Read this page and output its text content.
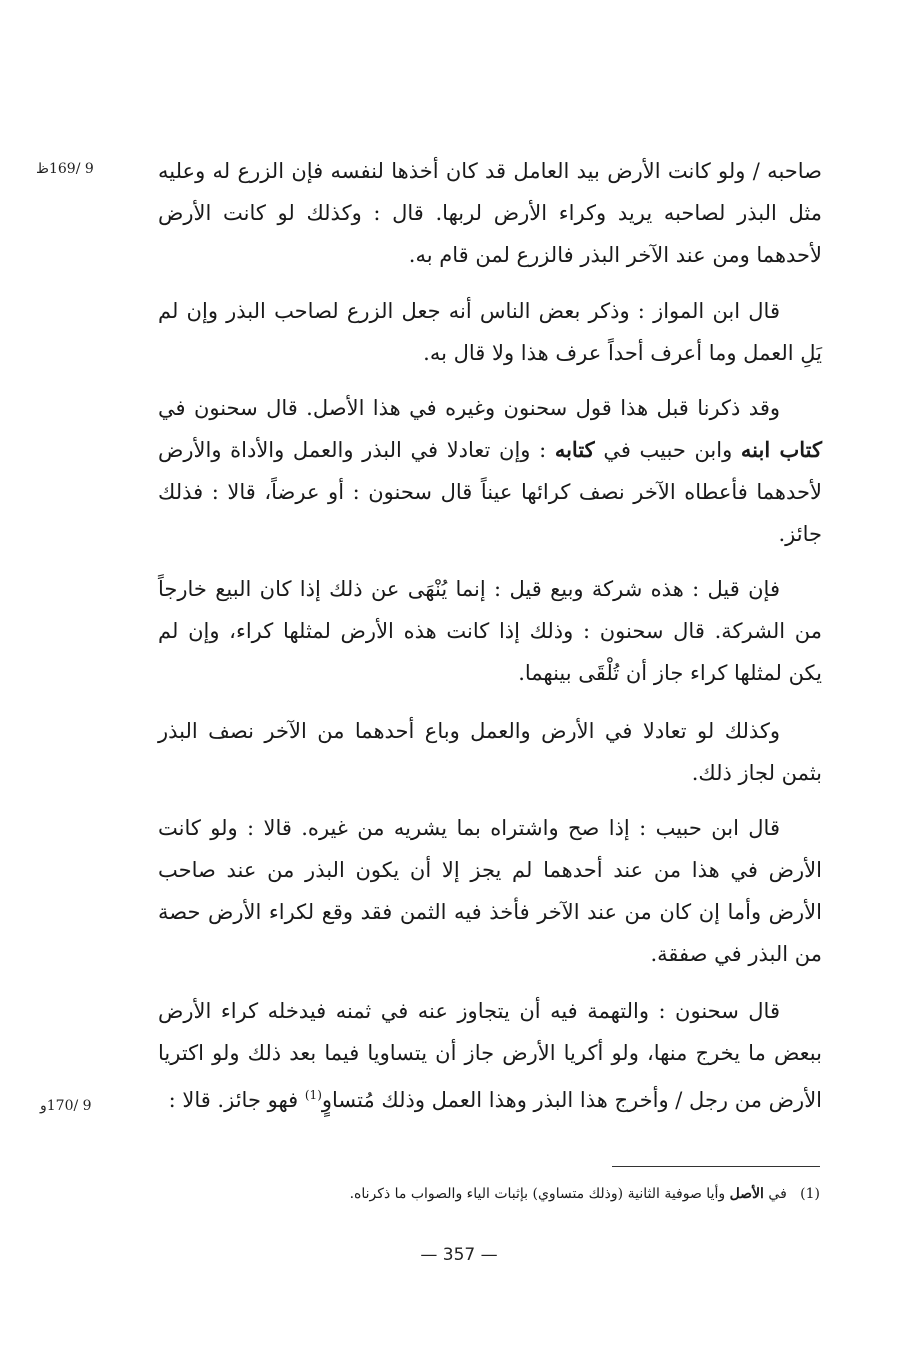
9 /169ظ	صاحبه / ولو كانت الأرض بيد العامل قد كان أخذها لنفسه فإن الزرع له وعليه مثل البذر لصاحبه يريد وكراء الأرض لربها. قال : وكذلك لو كانت الأرض لأحدهما ومن عند الآخر البذر فالزرع لمن قام به.
قال ابن المواز : وذكر بعض الناس أنه جعل الزرع لصاحب البذر وإن لم يَلِ العمل وما أعرف أحداً عرف هذا ولا قال به.
وقد ذكرنا قبل هذا قول سحنون وغيره في هذا الأصل. قال سحنون في كتاب ابنه وابن حبيب في كتابه : وإن تعادلا في البذر والعمل والأداة والأرض لأحدهما فأعطاه الآخر نصف كرائها عيناً قال سحنون : أو عرضاً، قالا : فذلك جائز.
فإن قيل : هذه شركة وبيع قيل : إنما يُنْهَى عن ذلك إذا كان البيع خارجاً من الشركة. قال سحنون : وذلك إذا كانت هذه الأرض لمثلها كراء، وإن لم يكن لمثلها كراء جاز أن تُلْقَى بينهما.
وكذلك لو تعادلا في الأرض والعمل وباع أحدهما من الآخر نصف البذر بثمن لجاز ذلك.
قال ابن حبيب : إذا صح واشتراه بما يشريه من غيره. قالا : ولو كانت الأرض في هذا من عند أحدهما لم يجز إلا أن يكون البذر من عند صاحب الأرض وأما إن كان من عند الآخر فأخذ فيه الثمن فقد وقع لكراء الأرض حصة من البذر في صفقة.
قال سحنون : والتهمة فيه أن يتجاوز عنه في ثمنه فيدخله كراء الأرض ببعض ما يخرج منها، ولو أكريا الأرض جاز أن يتساويا فيما بعد ذلك ولو اكتريا الأرض من رجل / وأخرج هذا البذر وهذا العمل وذلك مُتساوٍ$^{(1)}$ فهو جائز. قالا :
9 /170و
(1)   في الأصل وأيا صوفية الثانية (وذلك متساوي) بإثبات الياء والصواب ما ذكرناه.
— 357 —
